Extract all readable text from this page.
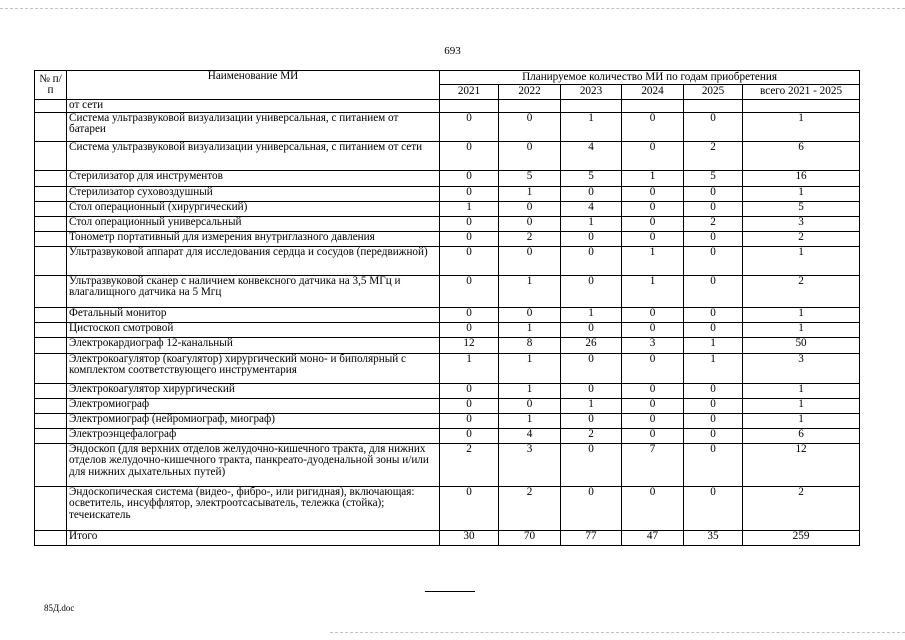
693
№ п/п	Наименование МИ	Планируемое количество МИ по годам приобретения					
		2021	2022	2023	2024	2025	всего 2021 - 2025
	от сети						
	Система ультразвуковой визуализации универсальная, с питанием от батареи	0	0	1	0	0	1
	Система ультразвуковой визуализации универсальная, с питанием от сети	0	0	4	0	2	6
	Стерилизатор для инструментов	0	5	5	1	5	16
	Стерилизатор суховоздушный	0	1	0	0	0	1
	Стол операционный (хирургический)	1	0	4	0	0	5
	Стол операционный универсальный	0	0	1	0	2	3
	Тонометр портативный для измерения внутриглазного давления	0	2	0	0	0	2
	Ультразвуковой аппарат для исследования сердца и сосудов (передвижной)	0	0	0	1	0	1
	Ультразвуковой сканер с наличием конвексного датчика на 3,5 МГц и влагалищного датчика на 5 Мгц	0	1	0	1	0	2
	Фетальный монитор	0	0	1	0	0	1
	Цистоскоп смотровой	0	1	0	0	0	1
	Электрокардиограф 12-канальный	12	8	26	3	1	50
	Электрокоагулятор (коагулятор) хирургический моно- и биполярный с комплектом соответствующего инструментария	1	1	0	0	1	3
	Электрокоагулятор хирургический	0	1	0	0	0	1
	Электромиограф	0	0	1	0	0	1
	Электромиограф (нейромиограф, миограф)	0	1	0	0	0	1
	Электроэнцефалограф	0	4	2	0	0	6
	Эндоскоп (для верхних отделов желудочно-кишечного тракта, для нижних отделов желудочно-кишечного тракта, панкреато-дуоденальной зоны и/или для нижних дыхательных путей)	2	3	0	7	0	12
	Эндоскопическая система (видео-, фибро-, или ригидная), включающая: осветитель, инсуффлятор, электроотсасыватель, тележка (стойка); течеискатель	0	2	0	0	0	2
	Итого	30	70	77	47	35	259
85Д.doc
